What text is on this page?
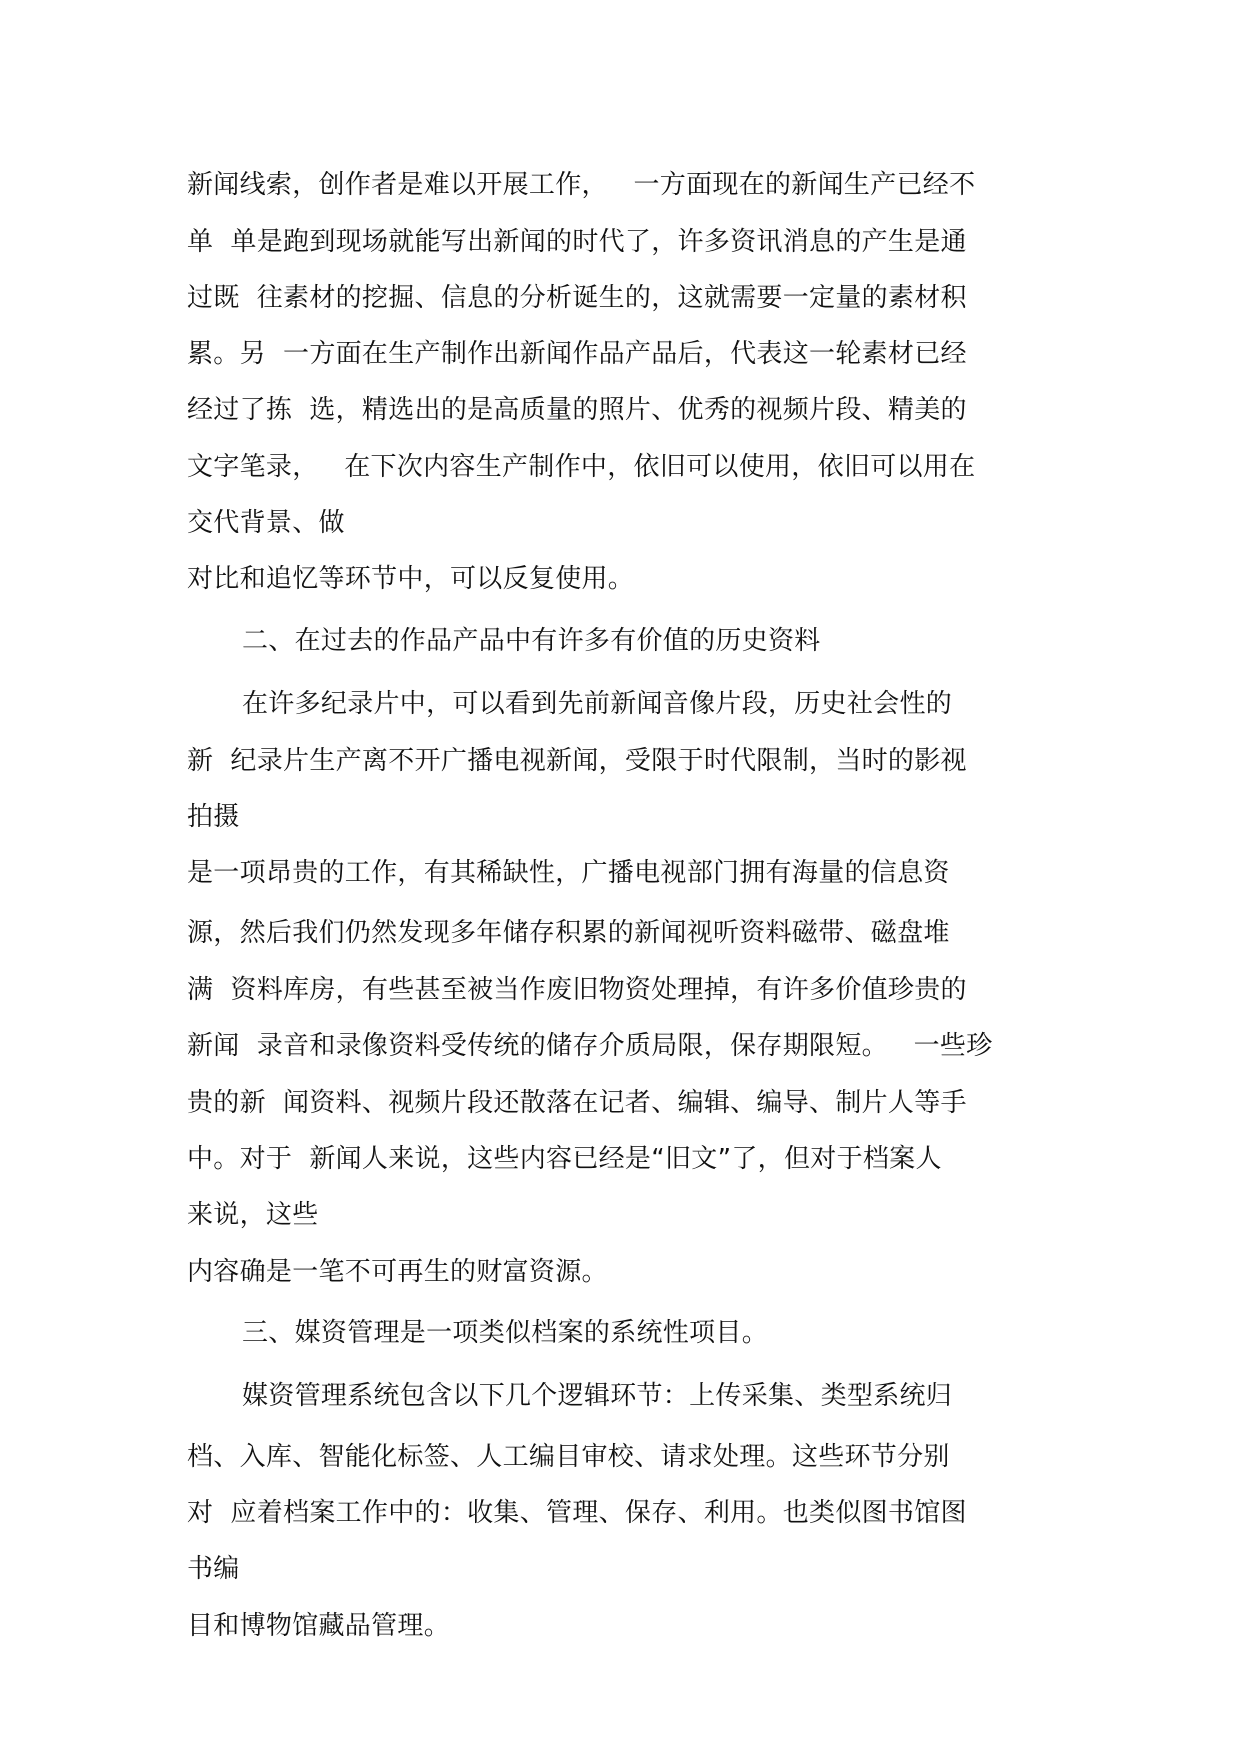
新闻线索，创作者是难以开展工作，   一方面现在的新闻生产已经不
单  单是跑到现场就能写出新闻的时代了，许多资讯消息的产生是通
过既  往素材的挖掘、信息的分析诞生的，这就需要一定量的素材积
累。另  一方面在生产制作出新闻作品产品后，代表这一轮素材已经
经过了拣  选，精选出的是高质量的照片、优秀的视频片段、精美的
文字笔录，   在下次内容生产制作中，依旧可以使用，依旧可以用在
交代背景、做
对比和追忆等环节中，可以反复使用。
二、在过去的作品产品中有许多有价值的历史资料
在许多纪录片中，可以看到先前新闻音像片段，历史社会性的
新  纪录片生产离不开广播电视新闻，受限于时代限制，当时的影视
拍摄
是一项昂贵的工作，有其稀缺性，广播电视部门拥有海量的信息资
源，然后我们仍然发现多年储存积累的新闻视听资料磁带、磁盘堆
满  资料库房，有些甚至被当作废旧物资处理掉，有许多价值珍贵的
新闻  录音和录像资料受传统的储存介质局限，保存期限短。   一些珍
贵的新  闻资料、视频片段还散落在记者、编辑、编导、制片人等手
中。对于  新闻人来说，这些内容已经是“旧文”了，但对于档案人
来说，这些
内容确是一笔不可再生的财富资源。
三、媒资管理是一项类似档案的系统性项目。
媒资管理系统包含以下几个逻辑环节：上传采集、类型系统归
档、入库、智能化标签、人工编目审校、请求处理。这些环节分别
对  应着档案工作中的：收集、管理、保存、利用。也类似图书馆图
书编
目和博物馆藏品管理。
